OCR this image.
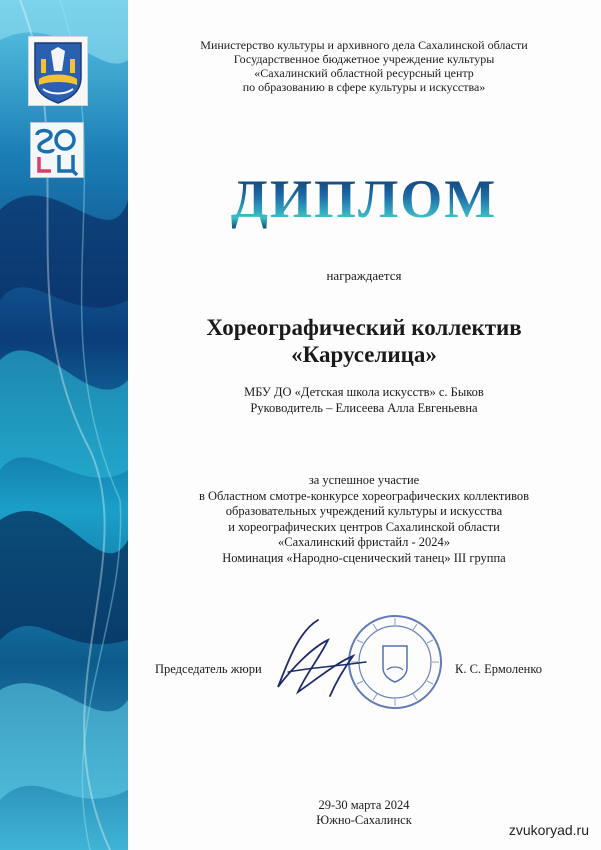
Министерство культуры и архивного дела Сахалинской области
Государственное бюджетное учреждение культуры
«Сахалинский областной ресурсный центр
по образованию в сфере культуры и искусства»
ДИПЛОМ
награждается
Хореографический коллектив
«Каруселица»
МБУ ДО «Детская школа искусств» с. Быков
Руководитель – Елисеева Алла Евгеньевна
за успешное участие
в Областном смотре-конкурсе хореографических коллективов
образовательных учреждений культуры и искусства
и хореографических центров Сахалинской области
«Сахалинский фристайл - 2024»
Номинация «Народно-сценический танец» III группа
Председатель жюри	К. С. Ермоленко
29-30 марта 2024
Южно-Сахалинск
zvukoryad.ru
